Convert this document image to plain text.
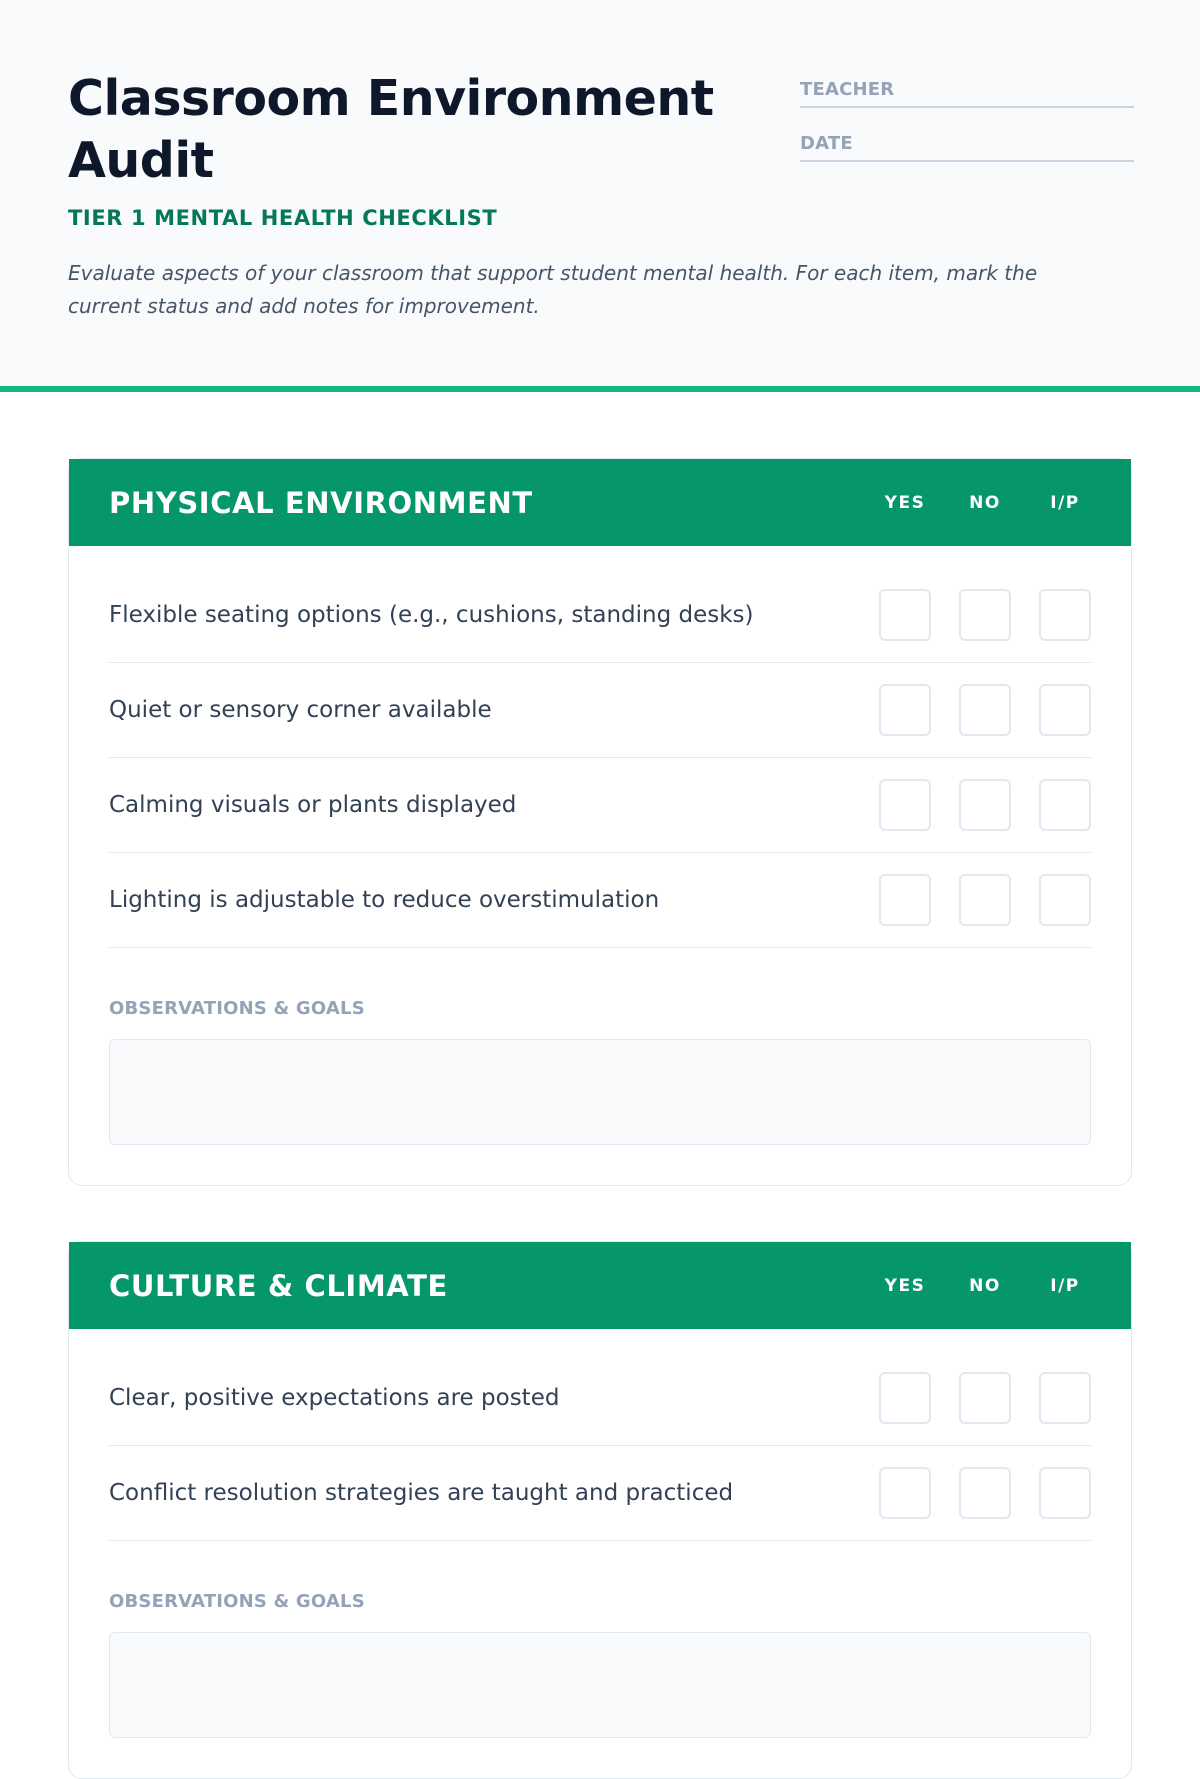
Classroom Environment Audit
TIER 1 MENTAL HEALTH CHECKLIST

Evaluate aspects of your classroom that support student mental health. For each item, mark the current status and add notes for improvement.

TEACHER
DATE
PHYSICAL ENVIRONMENT	YES	NO	I/P
Flexible seating options (e.g., cushions, standing desks)
Quiet or sensory corner available
Calming visuals or plants displayed
Lighting is adjustable to reduce overstimulation
OBSERVATIONS & GOALS
CULTURE & CLIMATE	YES	NO	I/P
Clear, positive expectations are posted
Conflict resolution strategies are taught and practiced
OBSERVATIONS & GOALS
